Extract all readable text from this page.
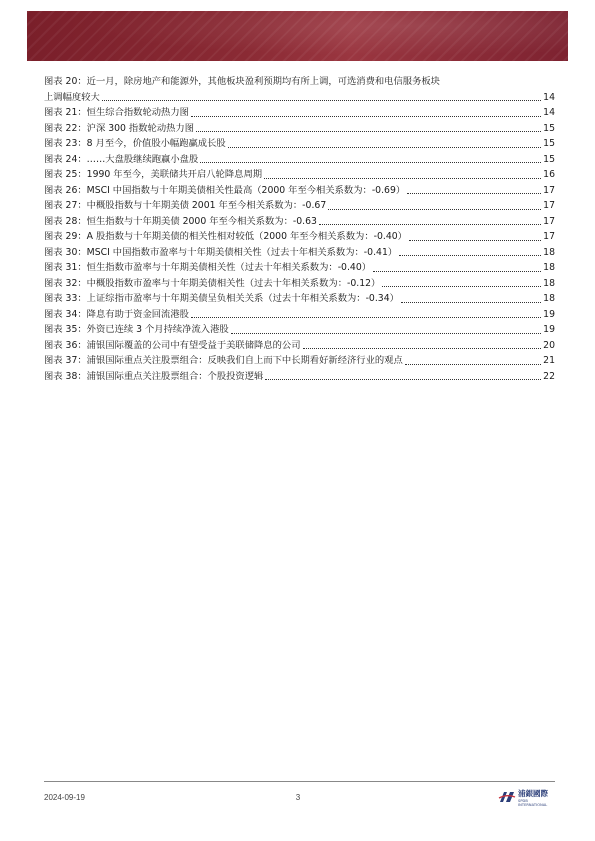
图表 20：近一月，除房地产和能源外，其他板块盈利预期均有所上调，可选消费和电信服务板块
上调幅度较大	14
图表 21：恒生综合指数轮动热力图	14
图表 22：沪深 300 指数轮动热力图	15
图表 23：8 月至今，价值股小幅跑赢成长股	15
图表 24：……大盘股继续跑赢小盘股	15
图表 25：1990 年至今，美联储共开启八轮降息周期	16
图表 26：MSCI 中国指数与十年期美债相关性最高（2000 年至今相关系数为：-0.69）	17
图表 27：中概股指数与十年期美债 2001 年至今相关系数为：-0.67	17
图表 28：恒生指数与十年期美债 2000 年至今相关系数为：-0.63	17
图表 29：A 股指数与十年期美债的相关性相对较低（2000 年至今相关系数为：-0.40）	17
图表 30：MSCI 中国指数市盈率与十年期美债相关性（过去十年相关系数为：-0.41）	18
图表 31：恒生指数市盈率与十年期美债相关性（过去十年相关系数为：-0.40）	18
图表 32：中概股指数市盈率与十年期美债相关性（过去十年相关系数为：-0.12）	18
图表 33：上证综指市盈率与十年期美债呈负相关关系（过去十年相关系数为：-0.34）	18
图表 34：降息有助于资金回流港股	19
图表 35：外资已连续 3 个月持续净流入港股	19
图表 36：浦银国际覆盖的公司中有望受益于美联储降息的公司	20
图表 37：浦银国际重点关注股票组合：反映我们自上而下中长期看好新经济行业的观点	21
图表 38：浦银国际重点关注股票组合：个股投资逻辑	22
2024-09-19	3	浦銀國際
SPDB INTERNATIONAL
